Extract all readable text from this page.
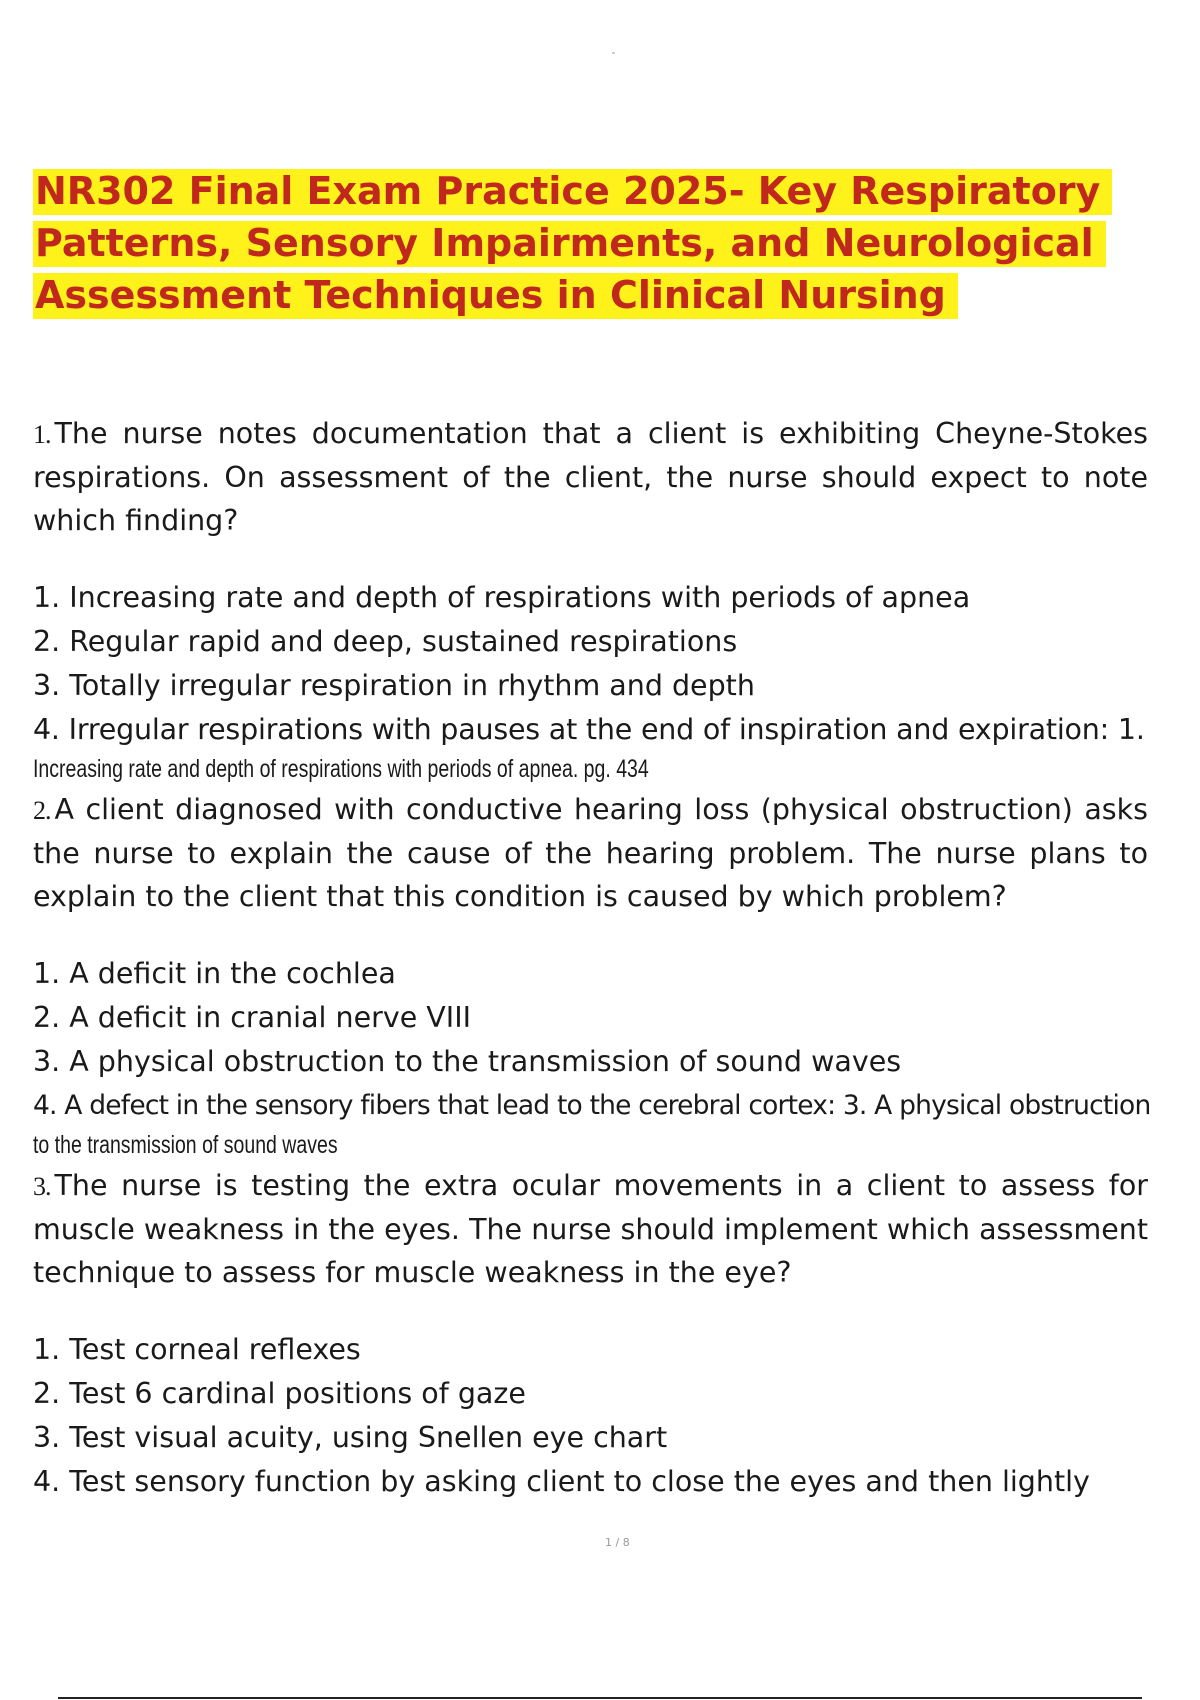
NR302 Final Exam Practice 2025- Key Respiratory Patterns, Sensory Impairments, and Neurological Assessment Techniques in Clinical Nursing

1. The nurse notes documentation that a client is exhibiting Cheyne-Stokes respirations. On assessment of the client, the nurse should expect to note which finding?

1. Increasing rate and depth of respirations with periods of apnea
2. Regular rapid and deep, sustained respirations
3. Totally irregular respiration in rhythm and depth
4. Irregular respirations with pauses at the end of inspiration and expiration: 1.
Increasing rate and depth of respirations with periods of apnea. pg. 434

2. A client diagnosed with conductive hearing loss (physical obstruction) asks the nurse to explain the cause of the hearing problem. The nurse plans to explain to the client that this condition is caused by which problem?

1. A deficit in the cochlea
2. A deficit in cranial nerve VIII
3. A physical obstruction to the transmission of sound waves
4. A defect in the sensory fibers that lead to the cerebral cortex: 3. A physical obstruction
to the transmission of sound waves

3. The nurse is testing the extra ocular movements in a client to assess for muscle weakness in the eyes. The nurse should implement which assessment technique to assess for muscle weakness in the eye?

1. Test corneal reflexes
2. Test 6 cardinal positions of gaze
3. Test visual acuity, using Snellen eye chart
4. Test sensory function by asking client to close the eyes and then lightly
1 / 8
